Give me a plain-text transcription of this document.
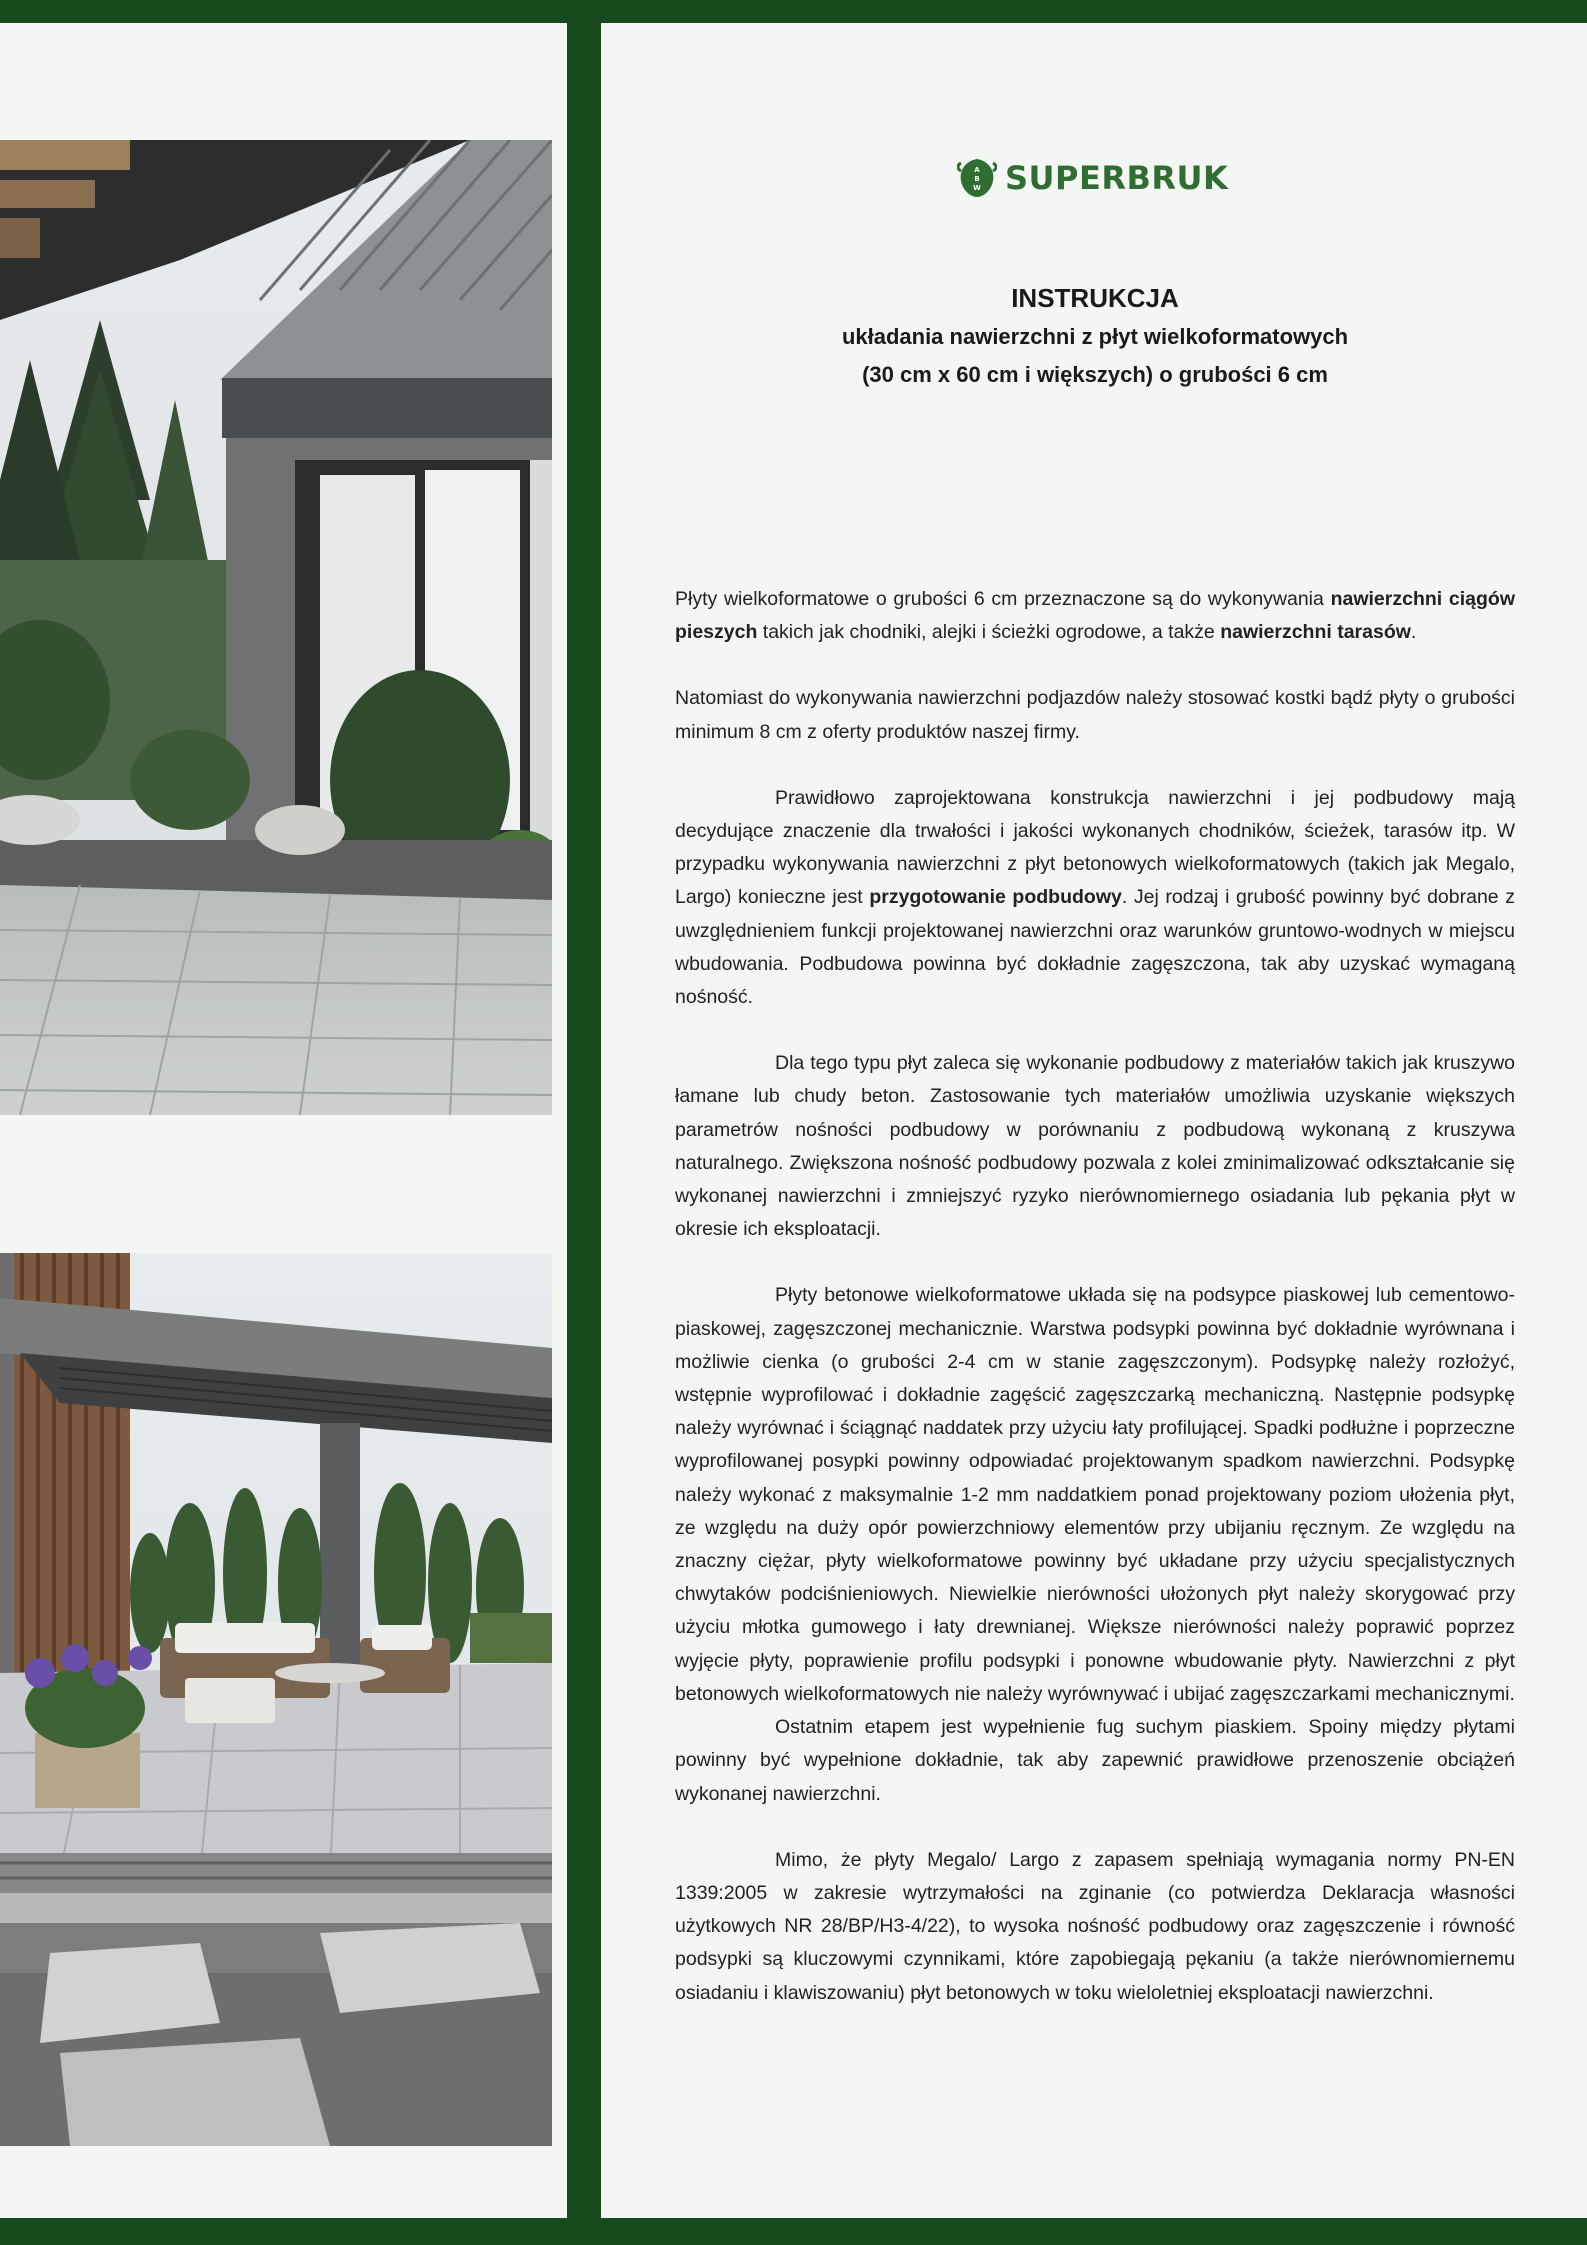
A
B
W SUPERBRUK
INSTRUKCJA
układania nawierzchni z płyt wielkoformatowych
(30 cm x 60 cm i większych) o grubości 6 cm

Płyty wielkoformatowe o grubości 6 cm przeznaczone są do wykonywania nawierzchni ciągów pieszych takich jak chodniki, alejki i ścieżki ogrodowe, a także nawierzchni tarasów.

Natomiast do wykonywania nawierzchni podjazdów należy stosować kostki bądź płyty o grubości minimum 8 cm z oferty produktów naszej firmy.

Prawidłowo zaprojektowana konstrukcja nawierzchni i jej podbudowy mają decydujące znaczenie dla trwałości i jakości wykonanych chodników, ścieżek, tarasów itp. W przypadku wykonywania nawierzchni z płyt betonowych wielkoformatowych (takich jak Megalo, Largo) konieczne jest przygotowanie podbudowy. Jej rodzaj i grubość powinny być dobrane z uwzględnieniem funkcji projektowanej nawierzchni oraz warunków gruntowo-wodnych w miejscu wbudowania. Podbudowa powinna być dokładnie zagęszczona, tak aby uzyskać wymaganą nośność.

Dla tego typu płyt zaleca się wykonanie podbudowy z materiałów takich jak kruszywo łamane lub chudy beton. Zastosowanie tych materiałów umożliwia uzyskanie większych parametrów nośności podbudowy w porównaniu z podbudową wykonaną z kruszywa naturalnego. Zwiększona nośność podbudowy pozwala z kolei zminimalizować odkształcanie się wykonanej nawierzchni i zmniejszyć ryzyko nierównomiernego osiadania lub pękania płyt w okresie ich eksploatacji.

Płyty betonowe wielkoformatowe układa się na podsypce piaskowej lub cementowo-piaskowej, zagęszczonej mechanicznie. Warstwa podsypki powinna być dokładnie wyrównana i możliwie cienka (o grubości 2-4 cm w stanie zagęszczonym). Podsypkę należy rozłożyć, wstępnie wyprofilować i dokładnie zagęścić zagęszczarką mechaniczną. Następnie podsypkę należy wyrównać i ściągnąć naddatek przy użyciu łaty profilującej. Spadki podłużne i poprzeczne wyprofilowanej posypki powinny odpowiadać projektowanym spadkom nawierzchni. Podsypkę należy wykonać z maksymalnie 1-2 mm naddatkiem ponad projektowany poziom ułożenia płyt, ze względu na duży opór powierzchniowy elementów przy ubijaniu ręcznym. Ze względu na znaczny ciężar, płyty wielkoformatowe powinny być układane przy użyciu specjalistycznych chwytaków podciśnieniowych. Niewielkie nierówności ułożonych płyt należy skorygować przy użyciu młotka gumowego i łaty drewnianej. Większe nierówności należy poprawić poprzez wyjęcie płyty, poprawienie profilu podsypki i ponowne wbudowanie płyty. Nawierzchni z płyt betonowych wielkoformatowych nie należy wyrównywać i ubijać zagęszczarkami mechanicznymi.

Ostatnim etapem jest wypełnienie fug suchym piaskiem. Spoiny między płytami powinny być wypełnione dokładnie, tak aby zapewnić prawidłowe przenoszenie obciążeń wykonanej nawierzchni.

Mimo, że płyty Megalo/ Largo z zapasem spełniają wymagania normy PN-EN 1339:2005 w zakresie wytrzymałości na zginanie (co potwierdza Deklaracja własności użytkowych NR 28/BP/H3-4/22), to wysoka nośność podbudowy oraz zagęszczenie i równość podsypki są kluczowymi czynnikami, które zapobiegają pękaniu (a także nierównomiernemu osiadaniu i klawiszowaniu) płyt betonowych w toku wieloletniej eksploatacji nawierzchni.
